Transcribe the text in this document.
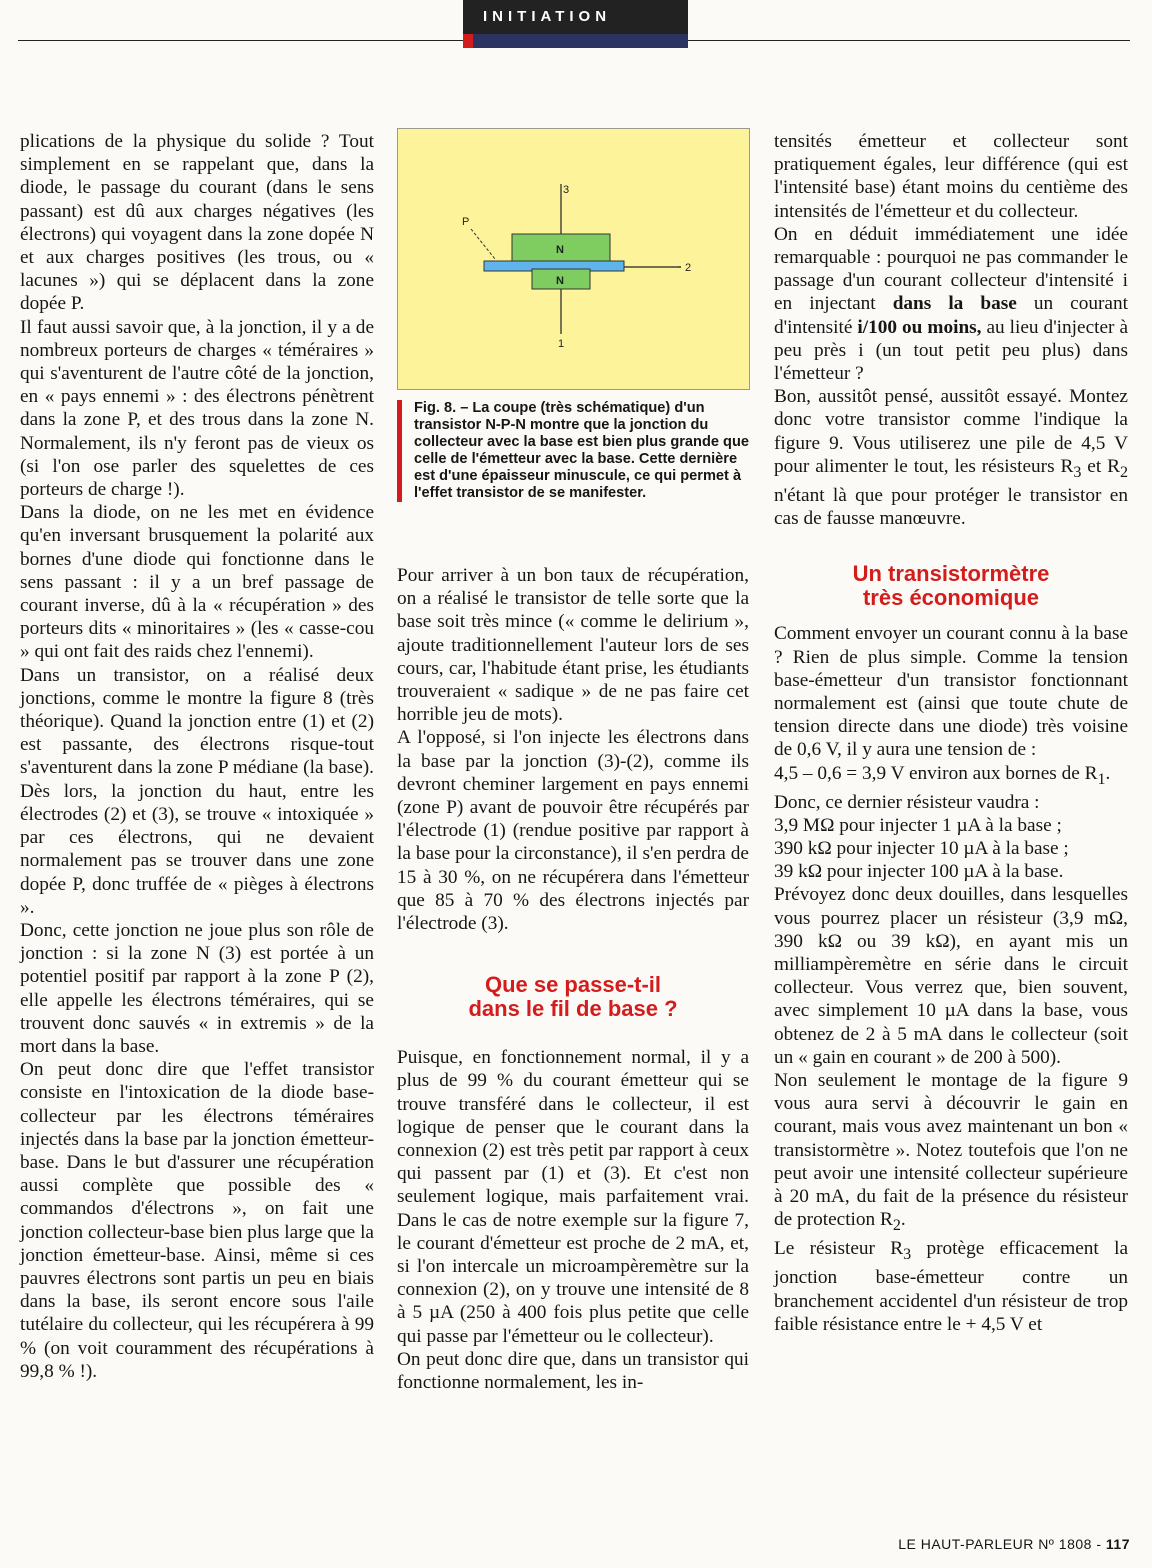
INITIATION

plications de la physique du solide ? Tout simplement en se rappelant que, dans la diode, le passage du courant (dans le sens passant) est dû aux charges négatives (les électrons) qui voyagent dans la zone dopée N et aux charges positives (les trous, ou « lacunes ») qui se déplacent dans la zone dopée P.

Il faut aussi savoir que, à la jonction, il y a de nombreux porteurs de charges « téméraires » qui s'aventurent de l'autre côté de la jonction, en « pays ennemi » : des électrons pénètrent dans la zone P, et des trous dans la zone N. Normalement, ils n'y feront pas de vieux os (si l'on ose parler des squelettes de ces porteurs de charge !).

Dans la diode, on ne les met en évidence qu'en inversant brusquement la polarité aux bornes d'une diode qui fonctionne dans le sens passant : il y a un bref passage de courant inverse, dû à la « récupération » des porteurs dits « minoritaires » (les « casse-cou » qui ont fait des raids chez l'ennemi).

Dans un transistor, on a réalisé deux jonctions, comme le montre la figure 8 (très théorique). Quand la jonction entre (1) et (2) est passante, des électrons risque-tout s'aventurent dans la zone P médiane (la base). Dès lors, la jonction du haut, entre les électrodes (2) et (3), se trouve « intoxiquée » par ces électrons, qui ne devaient normalement pas se trouver dans une zone dopée P, donc truffée de « pièges à électrons ».

Donc, cette jonction ne joue plus son rôle de jonction : si la zone N (3) est portée à un potentiel positif par rapport à la zone P (2), elle appelle les électrons téméraires, qui se trouvent donc sauvés « in extremis » de la mort dans la base.

On peut donc dire que l'effet transistor consiste en l'intoxication de la diode base-collecteur par les électrons téméraires injectés dans la base par la jonction émetteur-base. Dans le but d'assurer une récupération aussi complète que possible des « commandos d'électrons », on fait une jonction collecteur-base bien plus large que la jonction émetteur-base. Ainsi, même si ces pauvres électrons sont partis un peu en biais dans la base, ils seront encore sous l'aile tutélaire du collecteur, qui les récupérera à 99 % (on voit couramment des récupérations à 99,8 % !).

3
2
1
P
N
N
Fig. 8. – La coupe (très schématique) d'un transistor N-P-N montre que la jonction du collecteur avec la base est bien plus grande que celle de l'émetteur avec la base. Cette dernière est d'une épaisseur minuscule, ce qui permet à l'effet transistor de se manifester.

Pour arriver à un bon taux de récupération, on a réalisé le transistor de telle sorte que la base soit très mince (« comme le delirium », ajoute traditionnellement l'auteur lors de ses cours, car, l'habitude étant prise, les étudiants trouveraient « sadique » de ne pas faire cet horrible jeu de mots).

A l'opposé, si l'on injecte les électrons dans la base par la jonction (3)-(2), comme ils devront cheminer largement en pays ennemi (zone P) avant de pouvoir être récupérés par l'électrode (1) (rendue positive par rapport à la base pour la circonstance), il s'en perdra de 15 à 30 %, on ne récupérera dans l'émetteur que 85 à 70 % des électrons injectés par l'électrode (3).

Que se passe-t-il
dans le fil de base ?

Puisque, en fonctionnement normal, il y a plus de 99 % du courant émetteur qui se trouve transféré dans le collecteur, il est logique de penser que le courant dans la connexion (2) est très petit par rapport à ceux qui passent par (1) et (3). Et c'est non seulement logique, mais parfaitement vrai. Dans le cas de notre exemple sur la figure 7, le courant d'émetteur est proche de 2 mA, et, si l'on intercale un microampèremètre sur la connexion (2), on y trouve une intensité de 8 à 5 µA (250 à 400 fois plus petite que celle qui passe par l'émetteur ou le collecteur).

On peut donc dire que, dans un transistor qui fonctionne normalement, les in-

tensités émetteur et collecteur sont pratiquement égales, leur différence (qui est l'intensité base) étant moins du centième des intensités de l'émetteur et du collecteur.

On en déduit immédiatement une idée remarquable : pourquoi ne pas commander le passage d'un courant collecteur d'intensité i en injectant dans la base un courant d'intensité i/100 ou moins, au lieu d'injecter à peu près i (un tout petit peu plus) dans l'émetteur ?

Bon, aussitôt pensé, aussitôt essayé. Montez donc votre transistor comme l'indique la figure 9. Vous utiliserez une pile de 4,5 V pour alimenter le tout, les résisteurs $R_3$ et $R_2$ n'étant là que pour protéger le transistor en cas de fausse manœuvre.

Un transistormètre
très économique

Comment envoyer un courant connu à la base ? Rien de plus simple. Comme la tension base-émetteur d'un transistor fonctionnant normalement est (ainsi que toute chute de tension directe dans une diode) très voisine de 0,6 V, il y aura une tension de :

4,5 – 0,6 = 3,9 V environ aux bornes de $R_1$.

Donc, ce dernier résisteur vaudra :

3,9 MΩ pour injecter 1 µA à la base ;

390 kΩ pour injecter 10 µA à la base ;

39 kΩ pour injecter 100 µA à la base.

Prévoyez donc deux douilles, dans lesquelles vous pourrez placer un résisteur (3,9 mΩ, 390 kΩ ou 39 kΩ), en ayant mis un milliampèremètre en série dans le circuit collecteur. Vous verrez que, bien souvent, avec simplement 10 µA dans la base, vous obtenez de 2 à 5 mA dans le collecteur (soit un « gain en courant » de 200 à 500).

Non seulement le montage de la figure 9 vous aura servi à découvrir le gain en courant, mais vous avez maintenant un bon « transistormètre ». Notez toutefois que l'on ne peut avoir une intensité collecteur supérieure à 20 mA, du fait de la présence du résisteur de protection $R_2$.

Le résisteur $R_3$ protège efficacement la jonction base-émetteur contre un branchement accidentel d'un résisteur de trop faible résistance entre le + 4,5 V et

LE HAUT-PARLEUR Nº 1808 - 117
